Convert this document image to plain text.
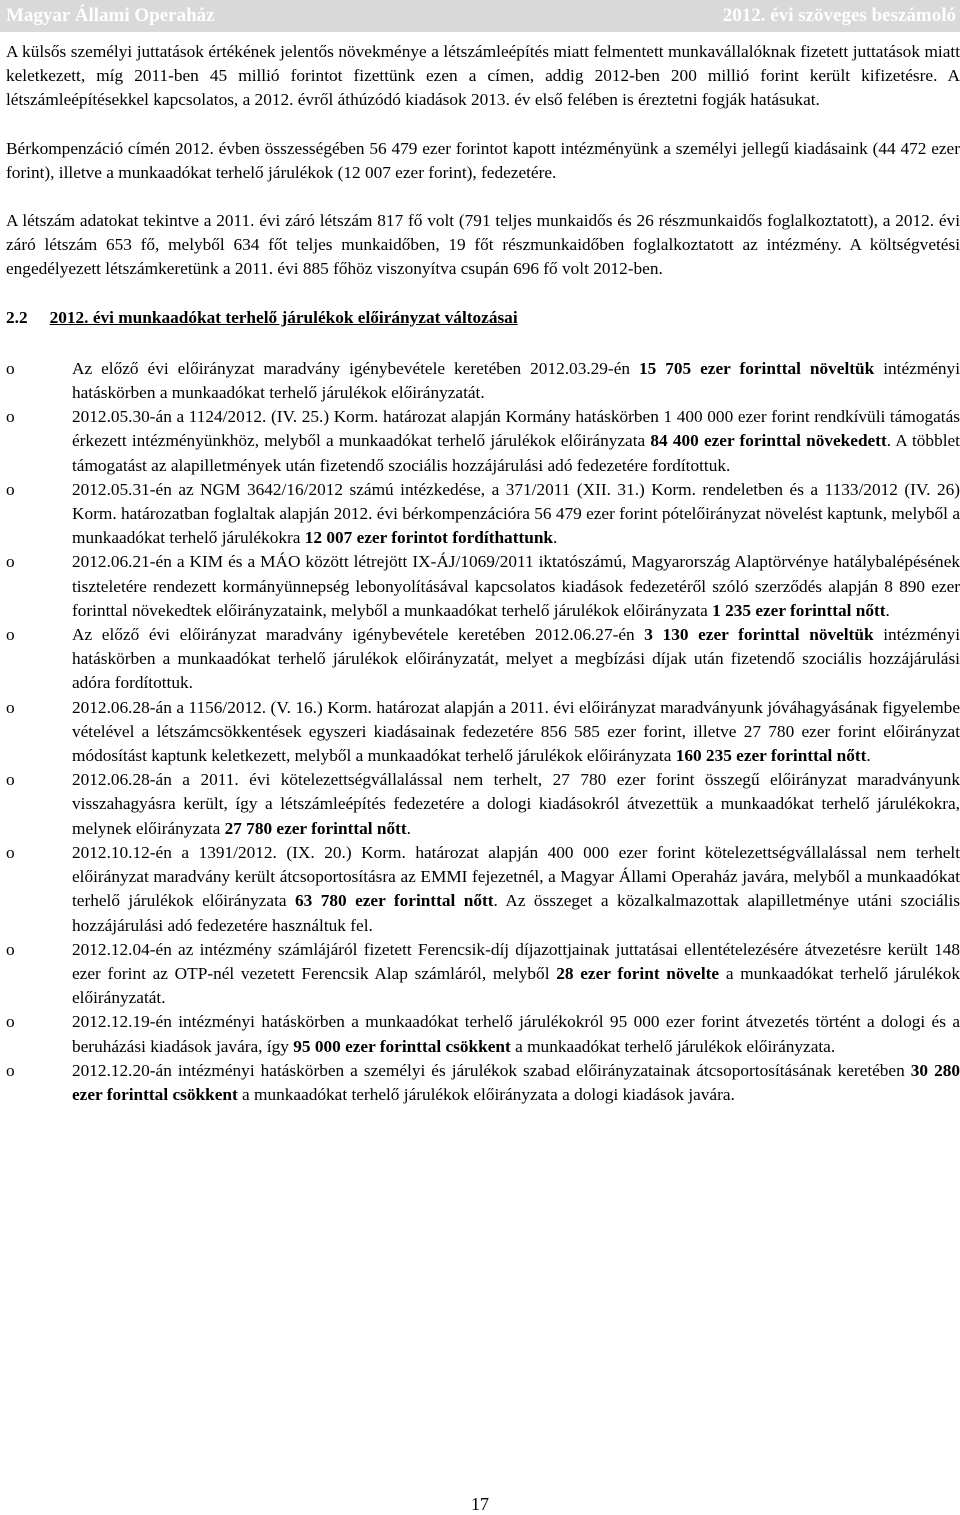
Magyar Állami Operaház	2012. évi szöveges beszámoló

A külsős személyi juttatások értékének jelentős növekménye a létszámleépítés miatt felmentett munkavállalóknak fizetett juttatások miatt keletkezett, míg 2011-ben 45 millió forintot fizettünk ezen a címen, addig 2012-ben 200 millió forint került kifizetésre. A létszámleépítésekkel kapcsolatos, a 2012. évről áthúzódó kiadások 2013. év első felében is éreztetni fogják hatásukat.

Bérkompenzáció címén 2012. évben összességében 56 479 ezer forintot kapott intézményünk a személyi jellegű kiadásaink (44 472 ezer forint), illetve a munkaadókat terhelő járulékok (12 007 ezer forint), fedezetére.

A létszám adatokat tekintve a 2011. évi záró létszám 817 fő volt (791 teljes munkaidős és 26 részmunkaidős foglalkoztatott), a 2012. évi záró létszám 653 fő, melyből 634 főt teljes munkaidőben, 19 főt részmunkaidőben foglalkoztatott az intézmény. A költségvetési engedélyezett létszámkeretünk a 2011. évi 885 főhöz viszonyítva csupán 696 fő volt 2012-ben.

2.2 2012. évi munkaadókat terhelő járulékok előirányzat változásai

o Az előző évi előirányzat maradvány igénybevétele keretében 2012.03.29-én 15 705 ezer forinttal növeltük intézményi hatáskörben a munkaadókat terhelő járulékok előirányzatát.
o 2012.05.30-án a 1124/2012. (IV. 25.) Korm. határozat alapján Kormány hatáskörben 1 400 000 ezer forint rendkívüli támogatás érkezett intézményünkhöz, melyből a munkaadókat terhelő járulékok előirányzata 84 400 ezer forinttal növekedett. A többlet támogatást az alapilletmények után fizetendő szociális hozzájárulási adó fedezetére fordítottuk.
o 2012.05.31-én az NGM 3642/16/2012 számú intézkedése, a 371/2011 (XII. 31.) Korm. rendeletben és a 1133/2012 (IV. 26) Korm. határozatban foglaltak alapján 2012. évi bérkompenzációra 56 479 ezer forint pótelőirányzat növelést kaptunk, melyből a munkaadókat terhelő járulékokra 12 007 ezer forintot fordíthattunk.
o 2012.06.21-én a KIM és a MÁO között létrejött IX-ÁJ/1069/2011 iktatószámú, Magyarország Alaptörvénye hatálybalépésének tiszteletére rendezett kormányünnepség lebonyolításával kapcsolatos kiadások fedezetéről szóló szerződés alapján 8 890 ezer forinttal növekedtek előirányzataink, melyből a munkaadókat terhelő járulékok előirányzata 1 235 ezer forinttal nőtt.
o Az előző évi előirányzat maradvány igénybevétele keretében 2012.06.27-én 3 130 ezer forinttal növeltük intézményi hatáskörben a munkaadókat terhelő járulékok előirányzatát, melyet a megbízási díjak után fizetendő szociális hozzájárulási adóra fordítottuk.
o 2012.06.28-án a 1156/2012. (V. 16.) Korm. határozat alapján a 2011. évi előirányzat maradványunk jóváhagyásának figyelembe vételével a létszámcsökkentések egyszeri kiadásainak fedezetére 856 585 ezer forint, illetve 27 780 ezer forint előirányzat módosítást kaptunk keletkezett, melyből a munkaadókat terhelő járulékok előirányzata 160 235 ezer forinttal nőtt.
o 2012.06.28-án a 2011. évi kötelezettségvállalással nem terhelt, 27 780 ezer forint összegű előirányzat maradványunk visszahagyásra került, így a létszámleépítés fedezetére a dologi kiadásokról átvezettük a munkaadókat terhelő járulékokra, melynek előirányzata 27 780 ezer forinttal nőtt.
o 2012.10.12-én a 1391/2012. (IX. 20.) Korm. határozat alapján 400 000 ezer forint kötelezettségvállalással nem terhelt előirányzat maradvány került átcsoportosításra az EMMI fejezetnél, a Magyar Állami Operaház javára, melyből a munkaadókat terhelő járulékok előirányzata 63 780 ezer forinttal nőtt. Az összeget a közalkalmazottak alapilletménye utáni szociális hozzájárulási adó fedezetére használtuk fel.
o 2012.12.04-én az intézmény számlájáról fizetett Ferencsik-díj díjazottjainak juttatásai ellentételezésére átvezetésre került 148 ezer forint az OTP-nél vezetett Ferencsik Alap számláról, melyből 28 ezer forint növelte a munkaadókat terhelő járulékok előirányzatát.
o 2012.12.19-én intézményi hatáskörben a munkaadókat terhelő járulékokról 95 000 ezer forint átvezetés történt a dologi és a beruházási kiadások javára, így 95 000 ezer forinttal csökkent a munkaadókat terhelő járulékok előirányzata.
o 2012.12.20-án intézményi hatáskörben a személyi és járulékok szabad előirányzatainak átcsoportosításának keretében 30 280 ezer forinttal csökkent a munkaadókat terhelő járulékok előirányzata a dologi kiadások javára.
17
